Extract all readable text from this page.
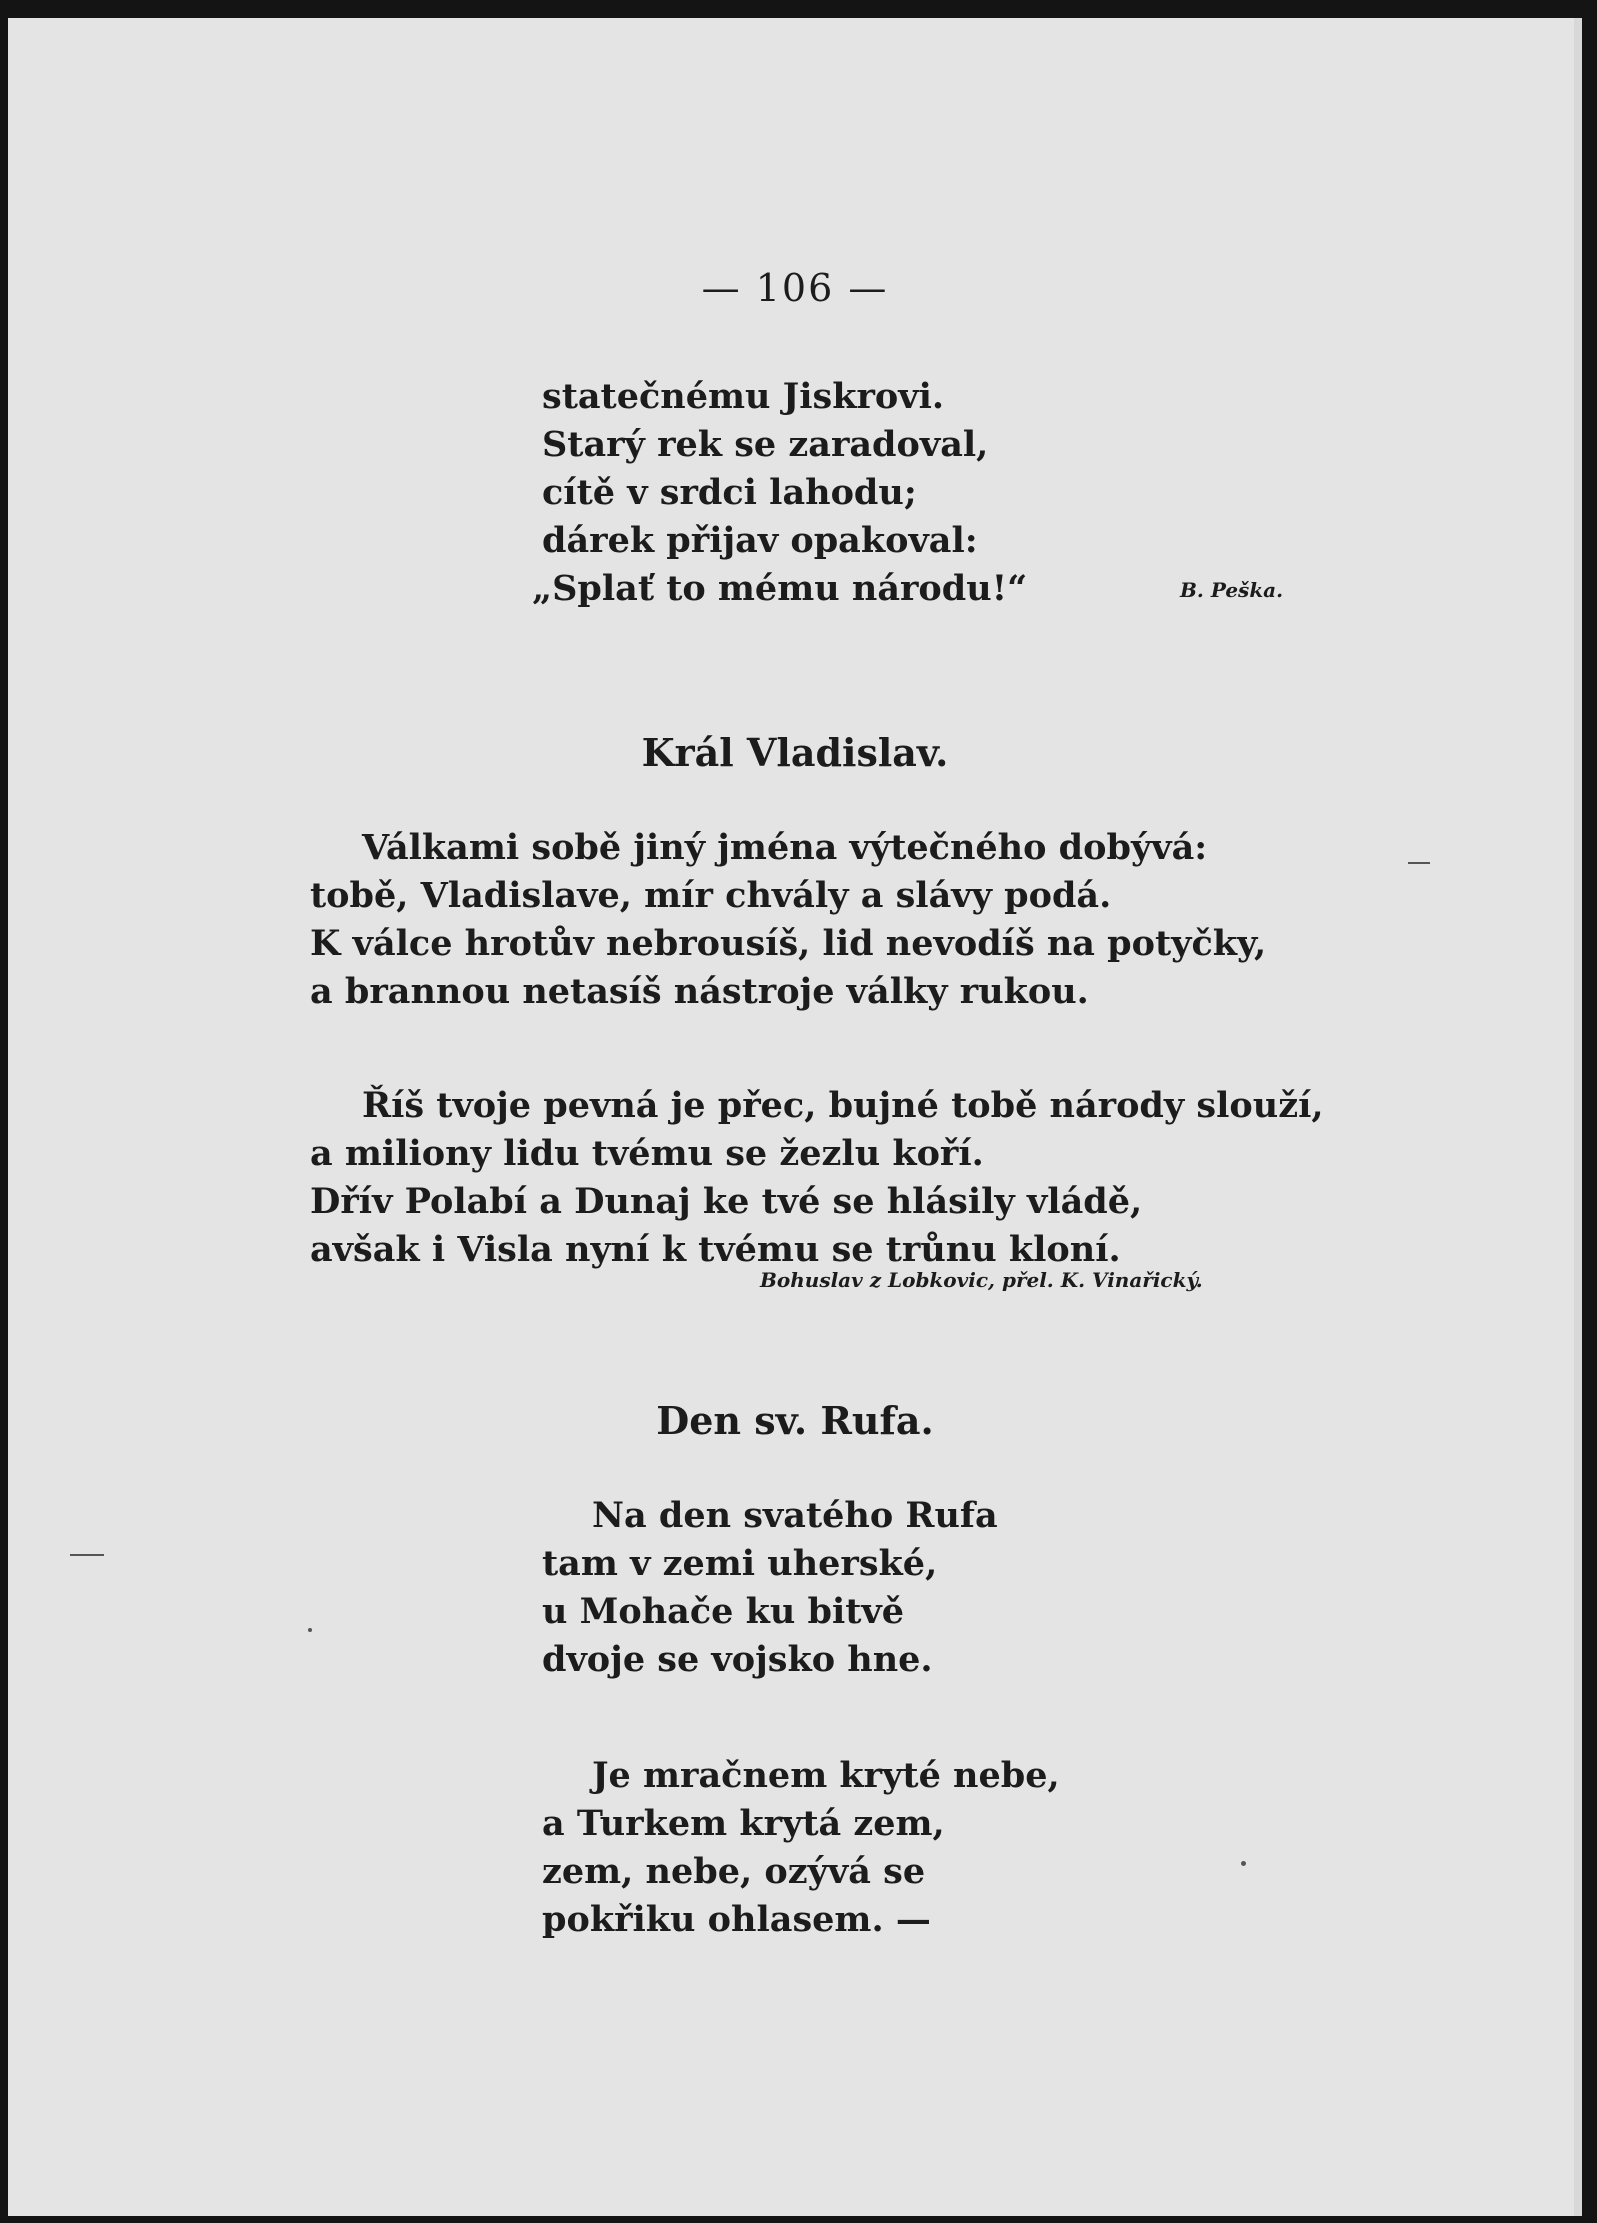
— 106 —
statečnému Jiskrovi.
Starý rek se zaradoval,
cítě v srdci lahodu;
dárek přijav opakoval:
„Splať to mému národu!“	B. Peška.
Král Vladislav.
Válkami sobě jiný jména výtečného dobývá:
tobě, Vladislave, mír chvály a slávy podá.
K válce hrotův nebrousíš, lid nevodíš na potyčky,
a brannou netasíš nástroje války rukou.
Říš tvoje pevná je přec, bujné tobě národy slouží,
a miliony lidu tvému se žezlu koří.
Dřív Polabí a Dunaj ke tvé se hlásily vládě,
avšak i Visla nyní k tvému se trůnu kloní.
Bohuslav z Lobkovic, přel. K. Vinařický.
Den sv. Rufa.
Na den svatého Rufa
tam v zemi uherské,
u Mohače ku bitvě
dvoje se vojsko hne.
Je mračnem kryté nebe,
a Turkem krytá zem,
zem, nebe, ozývá se
pokřiku ohlasem. —
